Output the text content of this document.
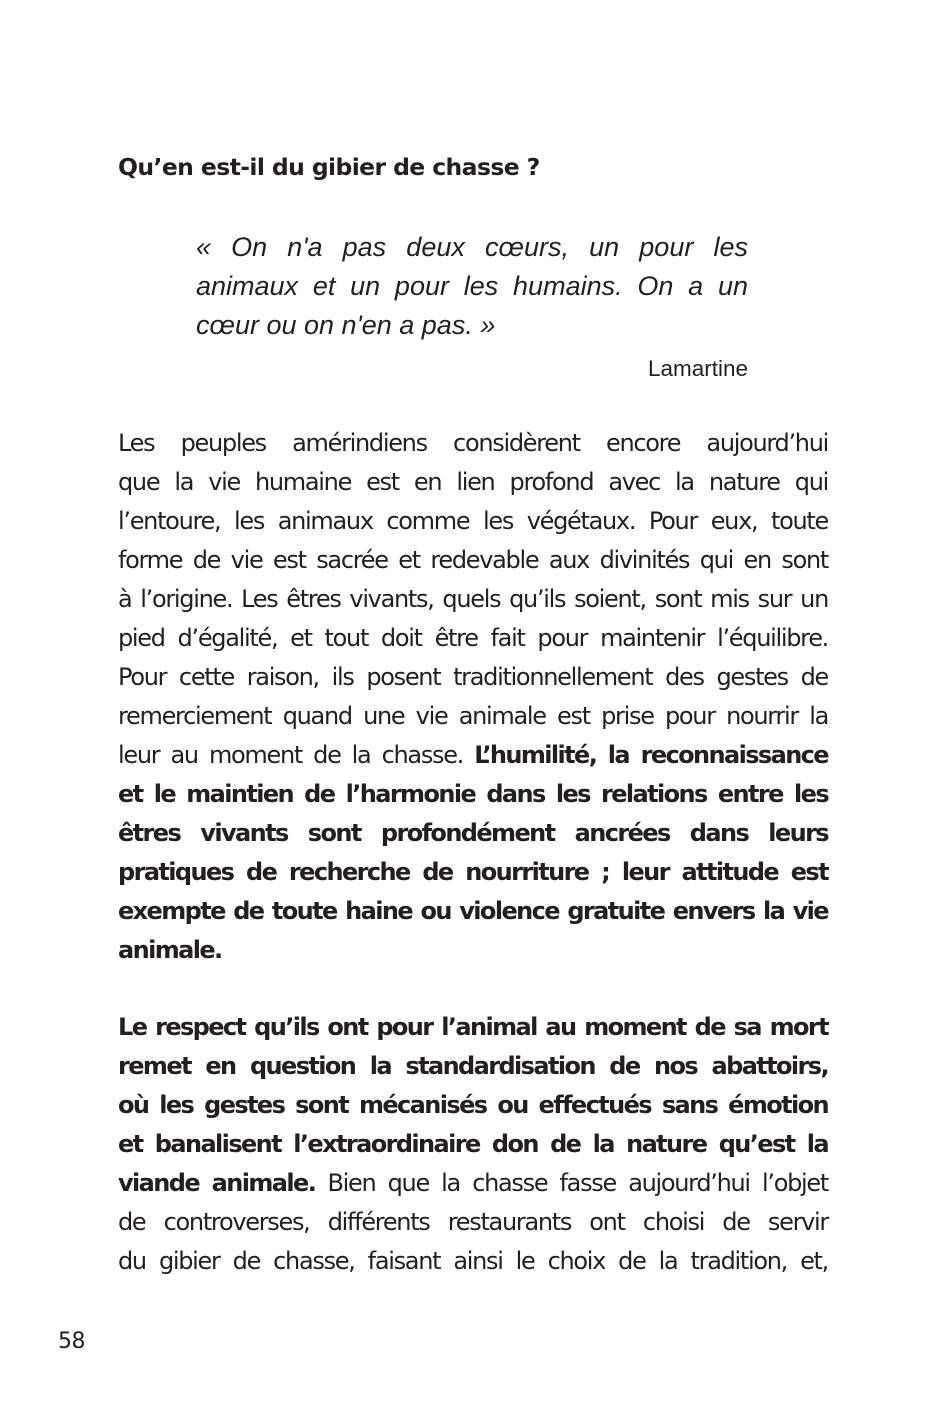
Qu’en est-il du gibier de chasse ?

« On n'a pas deux cœurs, un pour les animaux et un pour les humains. On a un cœur ou on n'en a pas. »

Lamartine

Les peuples amérindiens considèrent encore aujourd’hui
que la vie humaine est en lien profond avec la nature qui
l’entoure, les animaux comme les végétaux. Pour eux, toute
forme de vie est sacrée et redevable aux divinités qui en sont
à l’origine. Les êtres vivants, quels qu’ils soient, sont mis sur un
pied d’égalité, et tout doit être fait pour maintenir l’équilibre.
Pour cette raison, ils posent traditionnellement des gestes de
remerciement quand une vie animale est prise pour nourrir la
leur au moment de la chasse. L’humilité, la reconnaissance
et le maintien de l’harmonie dans les relations entre les
êtres vivants sont profondément ancrées dans leurs
pratiques de recherche de nourriture ; leur attitude est
exempte de toute haine ou violence gratuite envers la vie
animale.
Le respect qu’ils ont pour l’animal au moment de sa mort
remet en question la standardisation de nos abattoirs,
où les gestes sont mécanisés ou effectués sans émotion
et banalisent l’extraordinaire don de la nature qu’est la
viande animale. Bien que la chasse fasse aujourd’hui l’objet
de controverses, différents restaurants ont choisi de servir
du gibier de chasse, faisant ainsi le choix de la tradition, et,

58
